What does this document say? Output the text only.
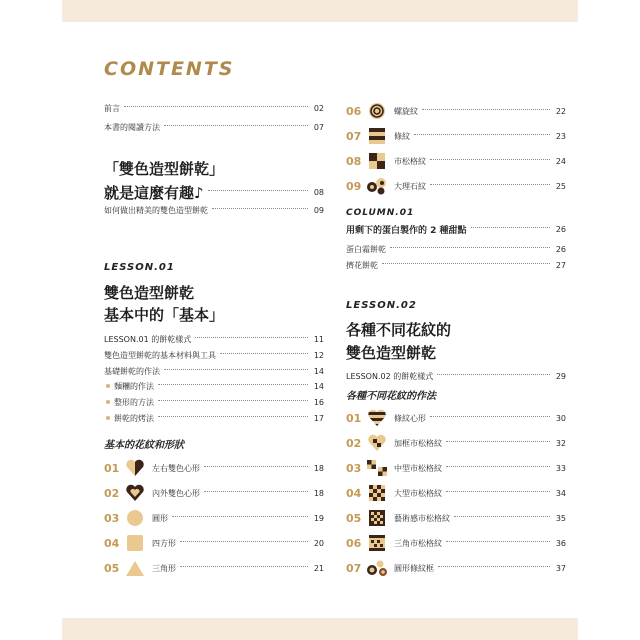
CONTENTS
前言	02
本書的閱讀方法	07
「雙色造型餅乾」
就是這麼有趣♪	08
如何做出精美的雙色造型餅乾	09
LESSON.01
雙色造型餅乾
基本中的「基本」
LESSON.01 的餅乾樣式	11
雙色造型餅乾的基本材料與工具	12
基礎餅乾的作法	14
麵糰的作法	14
整形的方法	16
餅乾的烤法	17
基本的花紋和形狀
01	左右雙色心形	18
02	內外雙色心形	18
03	圓形	19
04	四方形	20
05	三角形	21
06	螺旋紋	22
07	條紋	23
08	市松格紋	24
09	大理石紋	25
COLUMN.01
用剩下的蛋白製作的 2 種甜點	26
蛋白霜餅乾	26
擠花餅乾	27
LESSON.02
各種不同花紋的
雙色造型餅乾
LESSON.02 的餅乾樣式	29
各種不同花紋的作法
01	條紋心形	30
02	加框市松格紋	32
03	中型市松格紋	33
04	大型市松格紋	34
05	藝術感市松格紋	35
06	三角市松格紋	36
07	圓形條紋框	37
